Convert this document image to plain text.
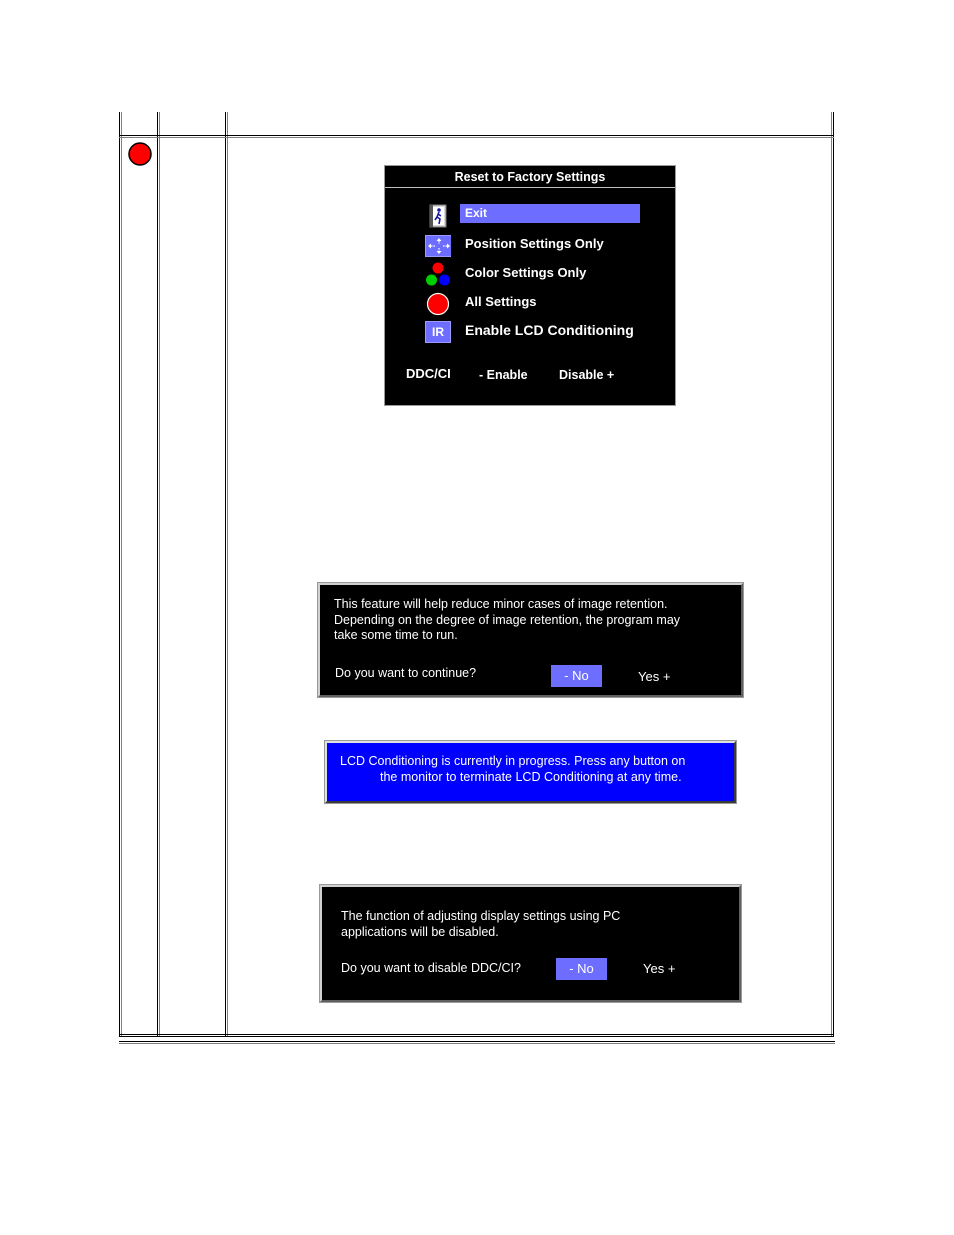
Reset to Factory Settings
Exit
Position Settings Only
Color Settings Only
All Settings
IR	Enable LCD Conditioning
DDC/CI - Enable	Disable +
This feature will help reduce minor cases of image retention.
Depending on the degree of image retention, the program may
take some time to run.
Do you want to continue?	- No	Yes +
LCD Conditioning is currently in progress. Press any button on
the monitor to terminate LCD Conditioning at any time.
The function of adjusting display settings using PC
applications will be disabled.
Do you want to disable DDC/CI?	- No	Yes +
